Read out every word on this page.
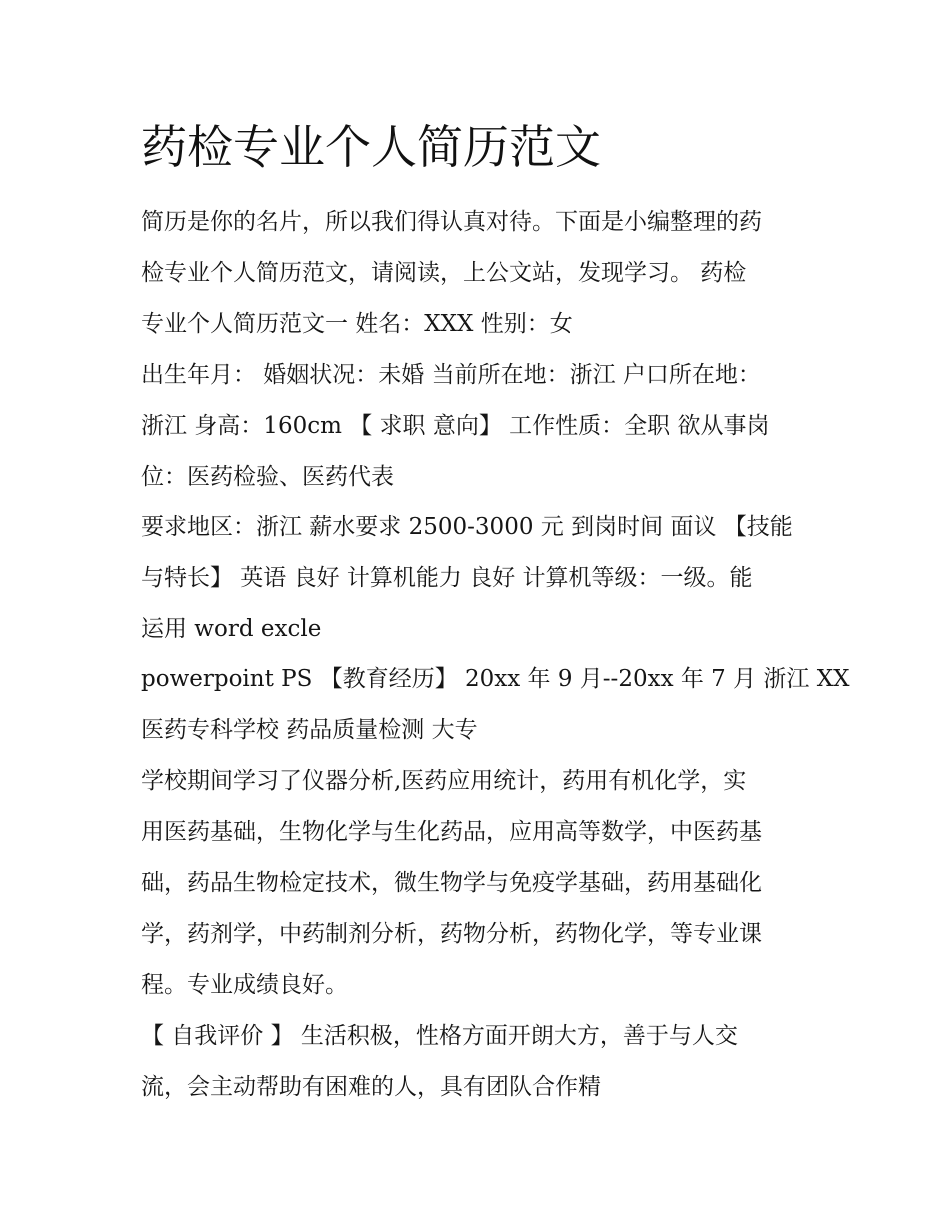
药检专业个人简历范文
简历是你的名片，所以我们得认真对待。下面是小编整理的药
检专业个人简历范文，请阅读，上公文站，发现学习。 药检
专业个人简历范文一 姓名：XXX 性别：女
出生年月： 婚姻状况：未婚 当前所在地：浙江 户口所在地：
浙江 身高：160cm 【 求职 意向】 工作性质：全职 欲从事岗
位：医药检验、医药代表
要求地区：浙江 薪水要求 2500-3000 元 到岗时间 面议 【技能
与特长】 英语 良好 计算机能力 良好 计算机等级：一级。能
运用 word excle
powerpoint PS 【教育经历】 20xx 年 9 月--20xx 年 7 月 浙江 XX
医药专科学校 药品质量检测 大专
学校期间学习了仪器分析,医药应用统计，药用有机化学，实
用医药基础，生物化学与生化药品，应用高等数学，中医药基
础，药品生物检定技术，微生物学与免疫学基础，药用基础化
学，药剂学，中药制剂分析，药物分析，药物化学，等专业课
程。专业成绩良好。
【 自我评价 】 生活积极，性格方面开朗大方，善于与人交
流，会主动帮助有困难的人，具有团队合作精
